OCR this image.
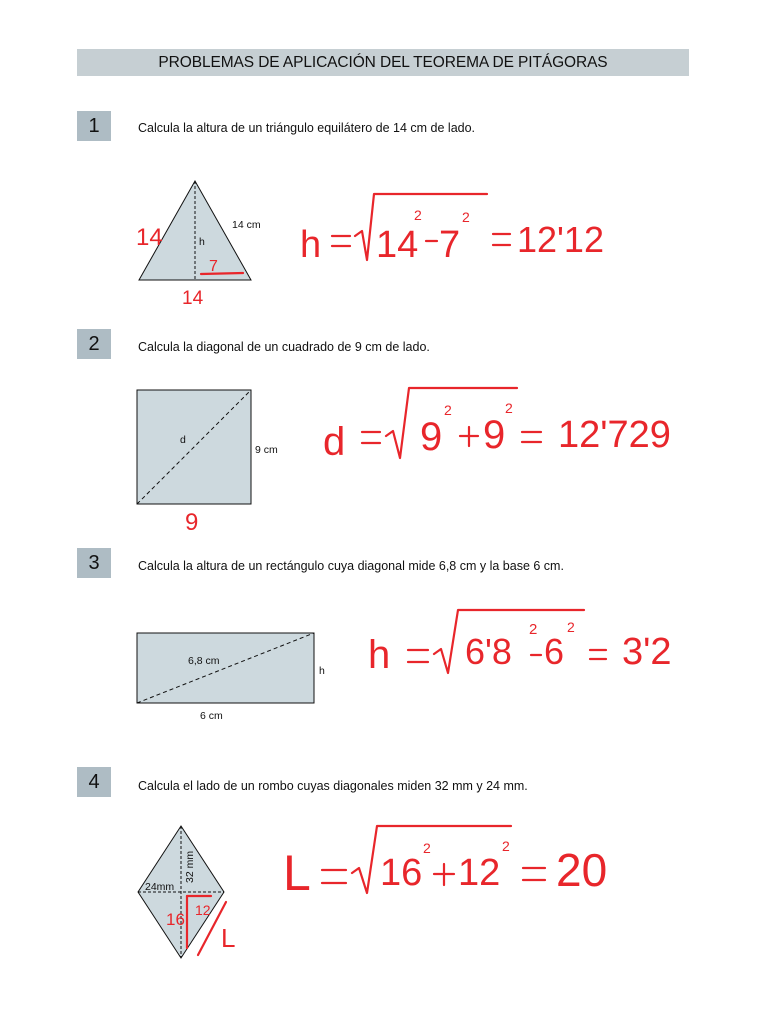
PROBLEMAS DE APLICACIÓN DEL TEOREMA DE PITÁGORAS
1	Calcula la altura de un triángulo equilátero de 14 cm de lado.
2	Calcula la diagonal de un cuadrado de 9 cm de lado.
3	Calcula la altura de un rectángulo cuya diagonal mide 6,8 cm y la base 6 cm.
4	Calcula el lado de un rombo cuyas diagonales miden 32 mm y 24 mm.
14 cm
h
14
14
7
h 14
2
7
2
12'12
d
9 cm
9
d 9
2
9
2
12'729
6,8 cm
h
6 cm
h 6'8
2
6
2
3'2
32 mm
24mm
16 12
L
L 16
2
12
2 20
